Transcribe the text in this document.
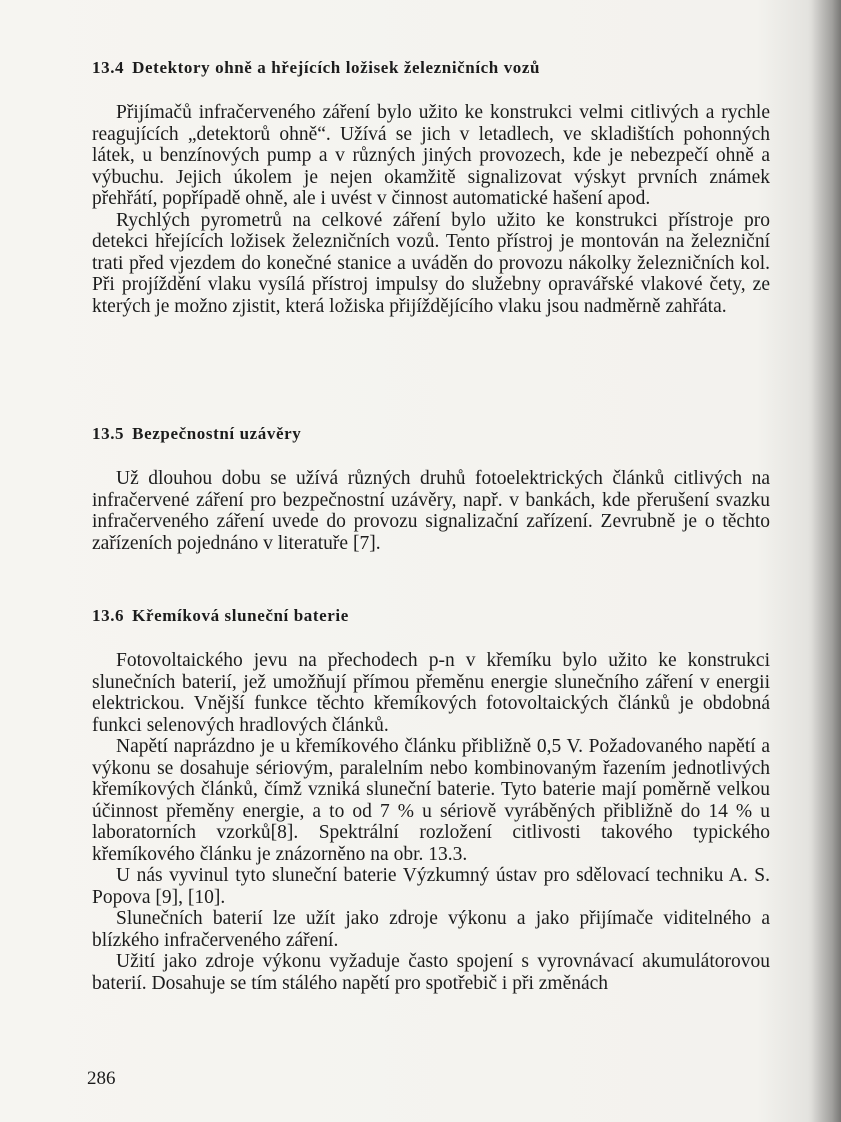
13.4 Detektory ohně a hřejících ložisek železničních vozů

Přijímačů infračerveného záření bylo užito ke konstrukci velmi citlivých a rychle reagujících „detektorů ohně“. Užívá se jich v letadlech, ve skladištích pohonných látek, u benzínových pump a v různých jiných provozech, kde je nebezpečí ohně a výbuchu. Jejich úkolem je nejen okamžitě signalizovat výskyt prvních známek přehřátí, popřípadě ohně, ale i uvést v činnost automatické hašení apod.

Rychlých pyrometrů na celkové záření bylo užito ke konstrukci přístroje pro detekci hřejících ložisek železničních vozů. Tento přístroj je montován na železniční trati před vjezdem do konečné stanice a uváděn do provozu nákolky železničních kol. Při projíždění vlaku vysílá přístroj impulsy do služebny opravářské vlakové čety, ze kterých je možno zjistit, která ložiska přijíždějícího vlaku jsou nadměrně zahřáta.

13.5 Bezpečnostní uzávěry

Už dlouhou dobu se užívá různých druhů fotoelektrických článků citlivých na infračervené záření pro bezpečnostní uzávěry, např. v bankách, kde přerušení svazku infračerveného záření uvede do provozu signalizační zařízení. Zevrubně je o těchto zařízeních pojednáno v literatuře [7].

13.6 Křemíková sluneční baterie

Fotovoltaického jevu na přechodech p-n v křemíku bylo užito ke konstrukci slunečních baterií, jež umožňují přímou přeměnu energie slunečního záření v energii elektrickou. Vnější funkce těchto křemíkových fotovoltaických článků je obdobná funkci selenových hradlových článků.

Napětí naprázdno je u křemíkového článku přibližně 0,5 V. Požadovaného napětí a výkonu se dosahuje sériovým, paralelním nebo kombinovaným řazením jednotlivých křemíkových článků, čímž vzniká sluneční baterie. Tyto baterie mají poměrně velkou účinnost přeměny energie, a to od 7 % u sériově vyráběných přibližně do 14 % u laboratorních vzorků[8]. Spektrální rozložení citlivosti takového typického křemíkového článku je znázorněno na obr. 13.3.

U nás vyvinul tyto sluneční baterie Výzkumný ústav pro sdělovací techniku A. S. Popova [9], [10].

Slunečních baterií lze užít jako zdroje výkonu a jako přijímače viditelného a blízkého infračerveného záření.

Užití jako zdroje výkonu vyžaduje často spojení s vyrovnávací akumulátorovou baterií. Dosahuje se tím stálého napětí pro spotřebič i při změnách

286
